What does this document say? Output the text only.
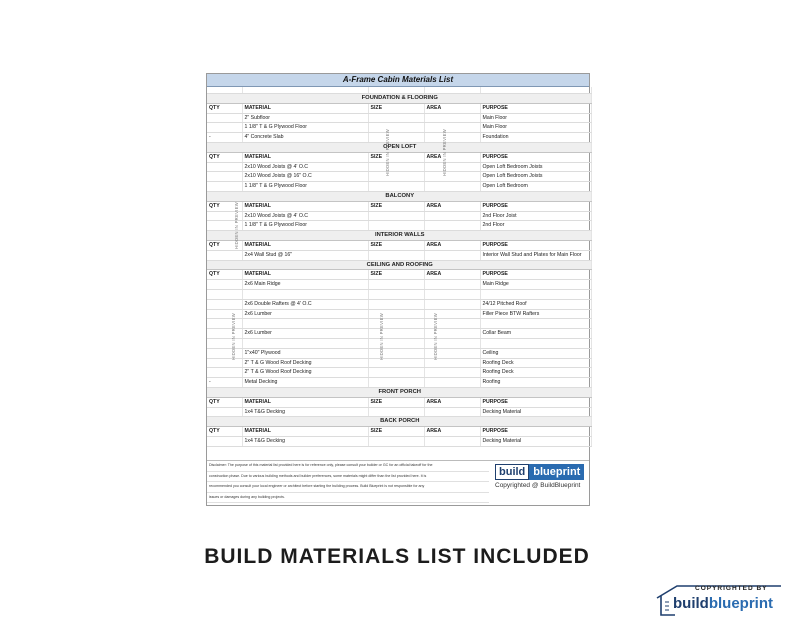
A-Frame Cabin Materials List

FOUNDATION & FLOORING				
QTY	MATERIAL	SIZE	AREA	PURPOSE
	2" Subfloor			Main Floor
	1 1/8" T & G Plywood Floor			Main Floor
-	4" Concrete Slab			Foundation
OPEN LOFT				
QTY	MATERIAL	SIZE	AREA	PURPOSE
	2x10 Wood Joists @ 4' O.C			Open Loft Bedroom Joists
	2x10 Wood Joists @ 16" O.C			Open Loft Bedroom Joists
	1 1/8" T & G Plywood Floor			Open Loft Bedroom
BALCONY				
QTY	MATERIAL	SIZE	AREA	PURPOSE
	2x10 Wood Joists @ 4' O.C			2nd Floor Joist
	1 1/8" T & G Plywood Floor			2nd Floor
INTERIOR WALLS				
QTY	MATERIAL	SIZE	AREA	PURPOSE
	2x4 Wall Stud @ 16"			Interior Wall Stud and Plates for Main Floor
CEILING AND ROOFING				
QTY	MATERIAL	SIZE	AREA	PURPOSE
	2x6 Main Ridge			Main Ridge

	2x6 Double Rafters @ 4' O.C			24/12 Pitched Roof
	2x6 Lumber			Filler Piece BTW Rafters

	2x6 Lumber			Collar Beam

	1"x40" Plywood			Ceiling
	2" T & G Wood Roof Decking			Roofing Deck
	2" T & G Wood Roof Decking			Roofing Deck
-	Metal Decking			Roofing
FRONT PORCH				
QTY	MATERIAL	SIZE	AREA	PURPOSE
	1x4 T&G Decking			Decking Material
BACK PORCH				
QTY	MATERIAL	SIZE	AREA	PURPOSE
	1x4 T&G Decking			Decking Material
HIDDEN IN PREVIEW
HIDDEN IN PREVIEW	HIDDEN IN PREVIEW
HIDDEN IN PREVIEW	HIDDEN IN PREVIEW	HIDDEN IN PREVIEW
Disclaimer: The purpose of this material list provided here is for reference only, please consult your builder or GC for an official takeoff for the
construction phase. Due to various building methods and builder preferences, some materials might differ than the list provided here. It is
recommended you consult your local engineer or architect before starting the building process. Build Blueprint is not responsible for any
issues or damages during any building projects.
build blueprint
Copyrighted @ BuildBlueprint
BUILD MATERIALS LIST INCLUDED
COPYRIGHTED BY
buildblueprint
